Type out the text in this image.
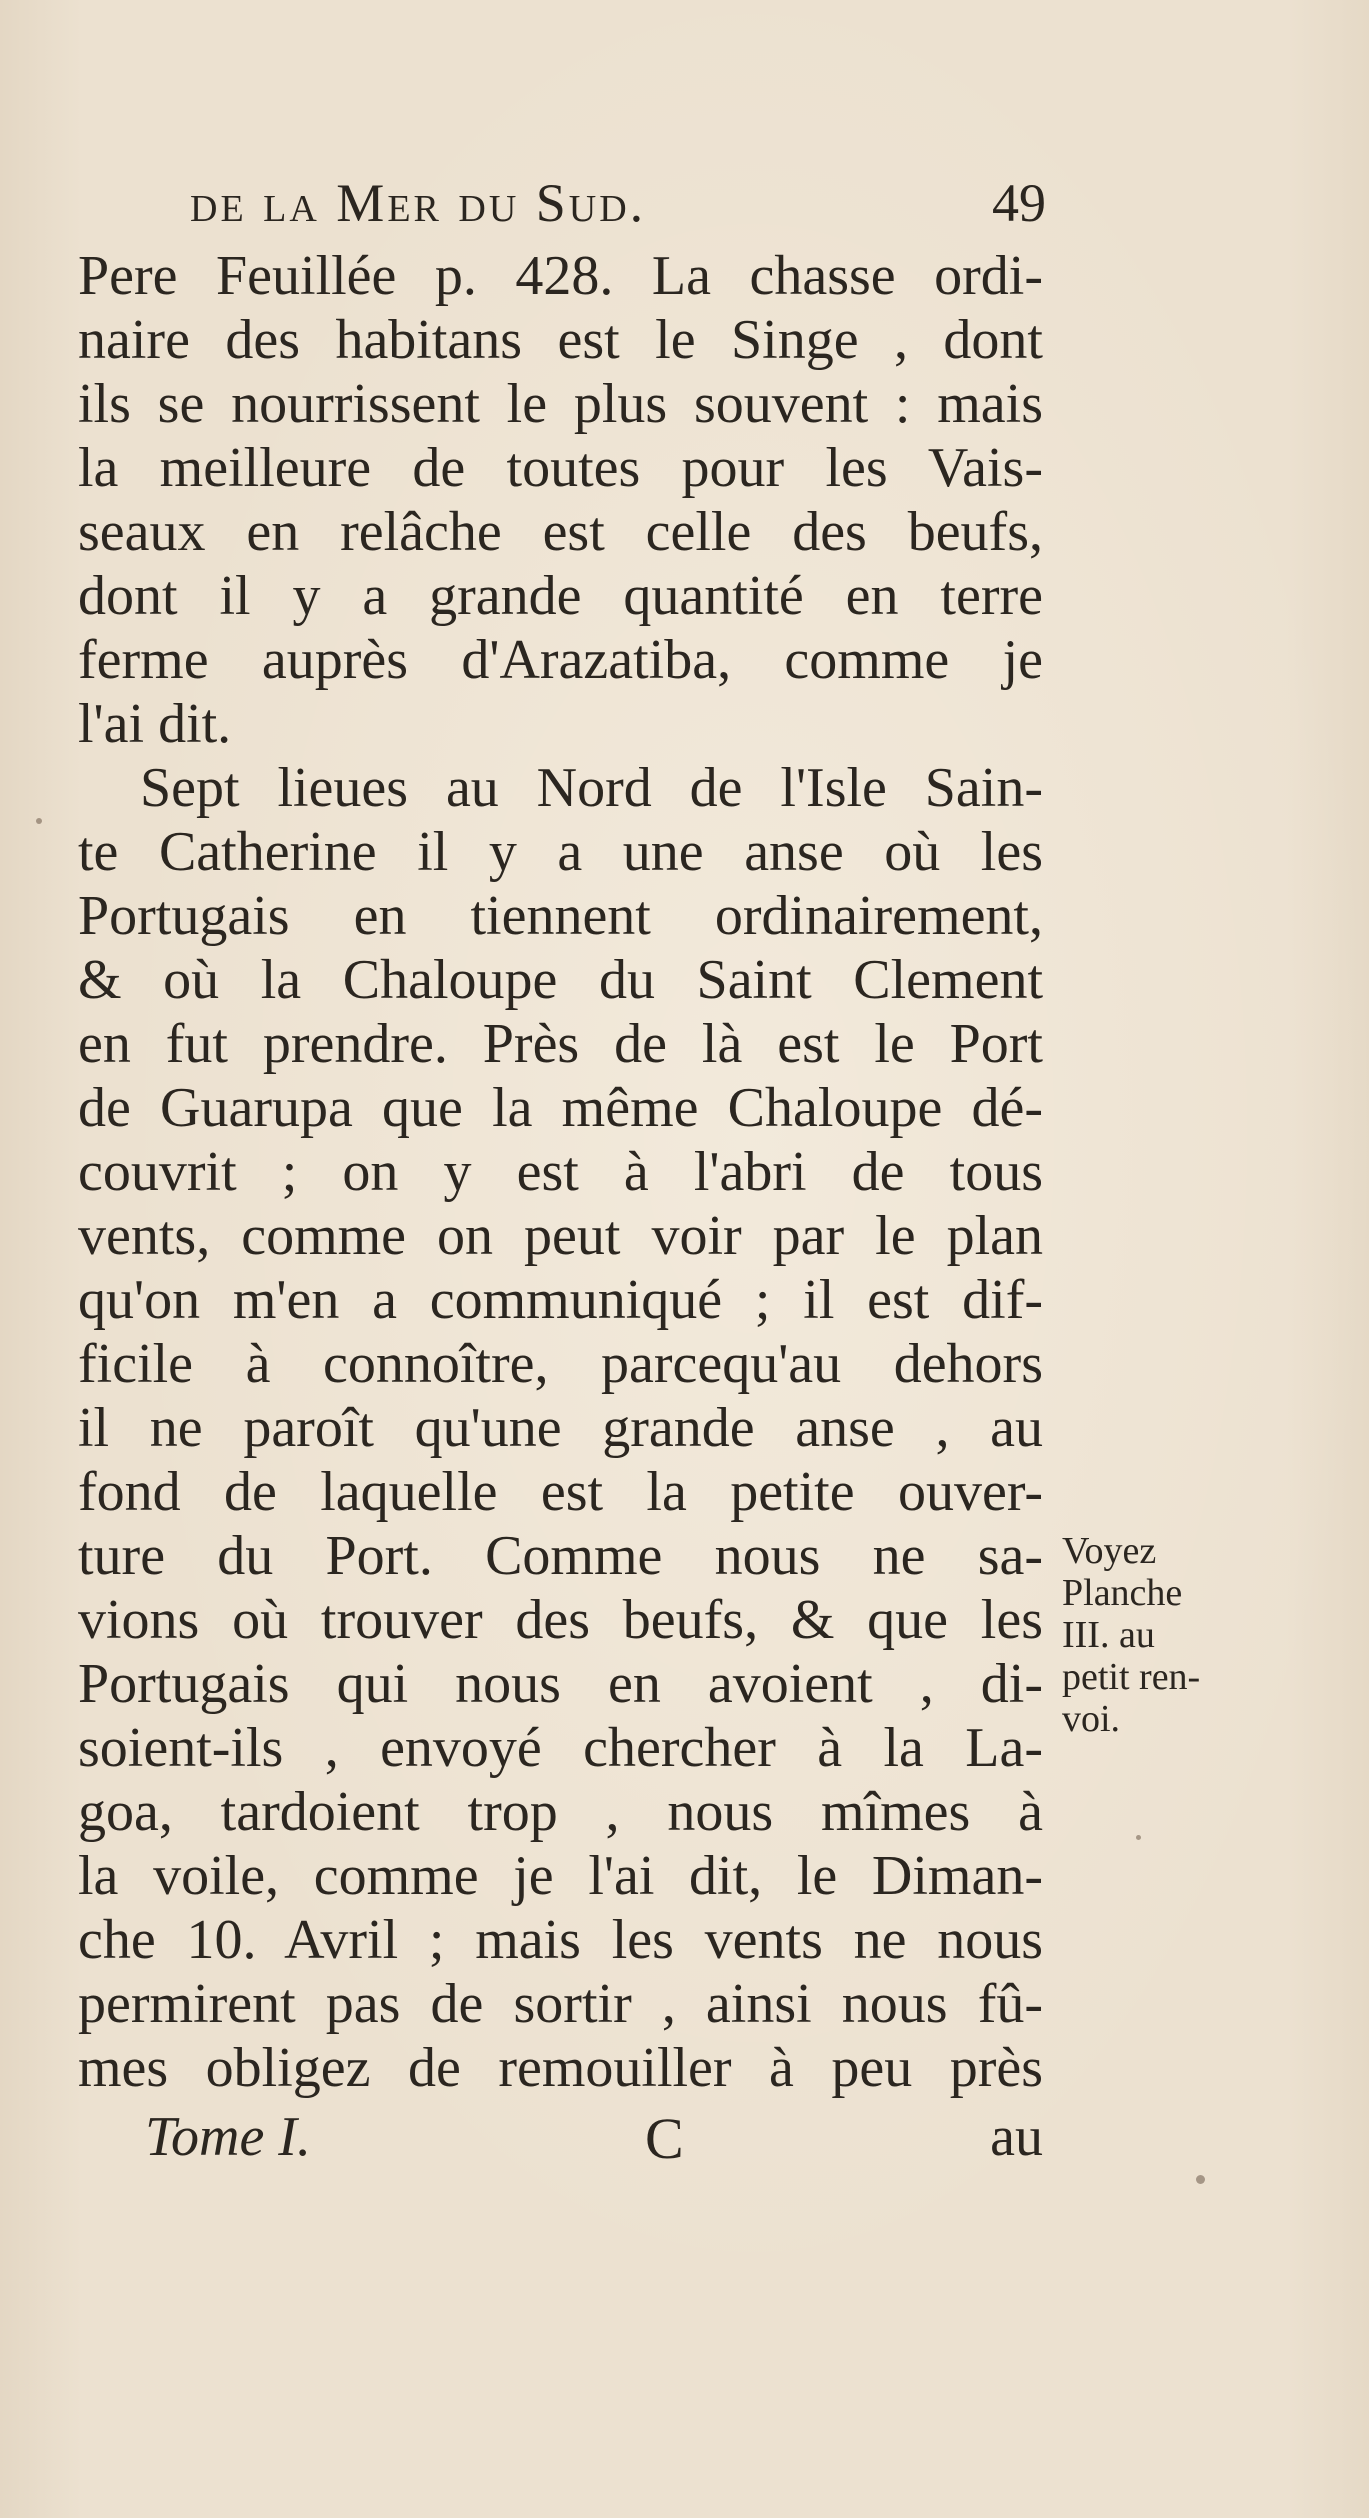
de la Mer du Sud.	49
Pere Feuillée p. 428. La chasse ordi-
naire des habitans est le Singe , dont
ils se nourrissent le plus souvent : mais
la meilleure de toutes pour les Vais-
seaux en relâche est celle des beufs,
dont il y a grande quantité en terre
ferme auprès d'Arazatiba, comme je
l'ai dit.
Sept lieues au Nord de l'Isle Sain-
te Catherine il y a une anse où les
Portugais en tiennent ordinairement,
& où la Chaloupe du Saint Clement
en fut prendre. Près de là est le Port
de Guarupa que la même Chaloupe dé-
couvrit ; on y est à l'abri de tous
vents, comme on peut voir par le plan
qu'on m'en a communiqué ; il est dif-
ficile à connoître, parcequ'au dehors
il ne paroît qu'une grande anse , au
fond de laquelle est la petite ouver-
ture du Port. Comme nous ne sa-
vions où trouver des beufs, & que les
Portugais qui nous en avoient , di-
soient-ils , envoyé chercher à la La-
goa, tardoient trop , nous mîmes à
la voile, comme je l'ai dit, le Diman-
che 10. Avril ; mais les vents ne nous
permirent pas de sortir , ainsi nous fû-
mes obligez de remouiller à peu près
Voyez
Planche
III. au
petit ren-
voi.
Tome I.	C	au
